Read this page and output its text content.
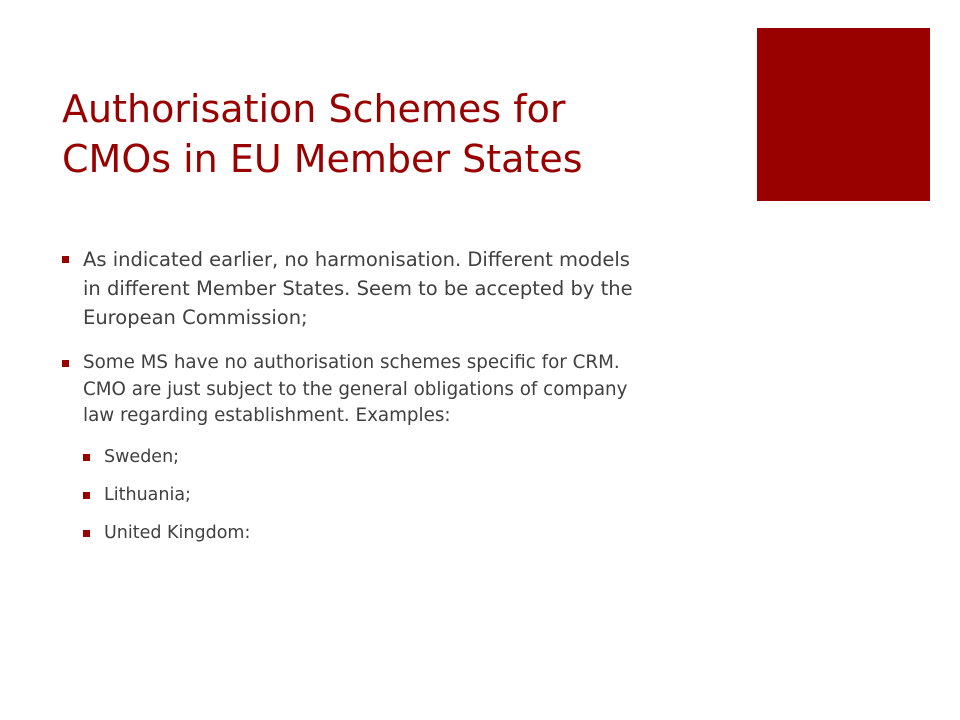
Authorisation Schemes for
CMOs in EU Member States
As indicated earlier, no harmonisation. Different models
in different Member States. Seem to be accepted by the
European Commission;
Some MS have no authorisation schemes specific for CRM.
CMO are just subject to the general obligations of company
law regarding establishment. Examples:
Sweden;
Lithuania;
United Kingdom:
